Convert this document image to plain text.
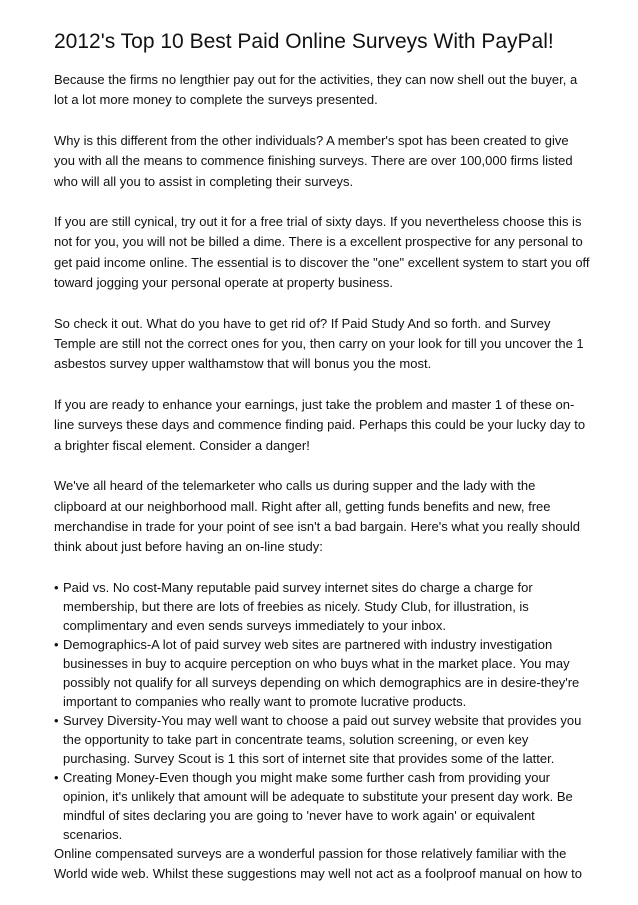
2012's Top 10 Best Paid Online Surveys With PayPal!

Because the firms no lengthier pay out for the activities, they can now shell out the buyer, a lot a lot more money to complete the surveys presented.

Why is this different from the other individuals? A member's spot has been created to give you with all the means to commence finishing surveys. There are over 100,000 firms listed who will all you to assist in completing their surveys.

If you are still cynical, try out it for a free trial of sixty days. If you nevertheless choose this is not for you, you will not be billed a dime. There is a excellent prospective for any personal to get paid income online. The essential is to discover the "one" excellent system to start you off toward jogging your personal operate at property business.

So check it out. What do you have to get rid of? If Paid Study And so forth. and Survey Temple are still not the correct ones for you, then carry on your look for till you uncover the 1 asbestos survey upper walthamstow that will bonus you the most.

If you are ready to enhance your earnings, just take the problem and master 1 of these on-line surveys these days and commence finding paid. Perhaps this could be your lucky day to a brighter fiscal element. Consider a danger!

We've all heard of the telemarketer who calls us during supper and the lady with the clipboard at our neighborhood mall. Right after all, getting funds benefits and new, free merchandise in trade for your point of see isn't a bad bargain. Here's what you really should think about just before having an on-line study:

• Paid vs. No cost-Many reputable paid survey internet sites do charge a charge for membership, but there are lots of freebies as nicely. Study Club, for illustration, is complimentary and even sends surveys immediately to your inbox.
• Demographics-A lot of paid survey web sites are partnered with industry investigation businesses in buy to acquire perception on who buys what in the market place. You may possibly not qualify for all surveys depending on which demographics are in desire-they're important to companies who really want to promote lucrative products.
• Survey Diversity-You may well want to choose a paid out survey website that provides you the opportunity to take part in concentrate teams, solution screening, or even key purchasing. Survey Scout is 1 this sort of internet site that provides some of the latter.
• Creating Money-Even though you might make some further cash from providing your opinion, it's unlikely that amount will be adequate to substitute your present day work. Be mindful of sites declaring you are going to 'never have to work again' or equivalent scenarios.

Online compensated surveys are a wonderful passion for those relatively familiar with the World wide web. Whilst these suggestions may well not act as a foolproof manual on how to
